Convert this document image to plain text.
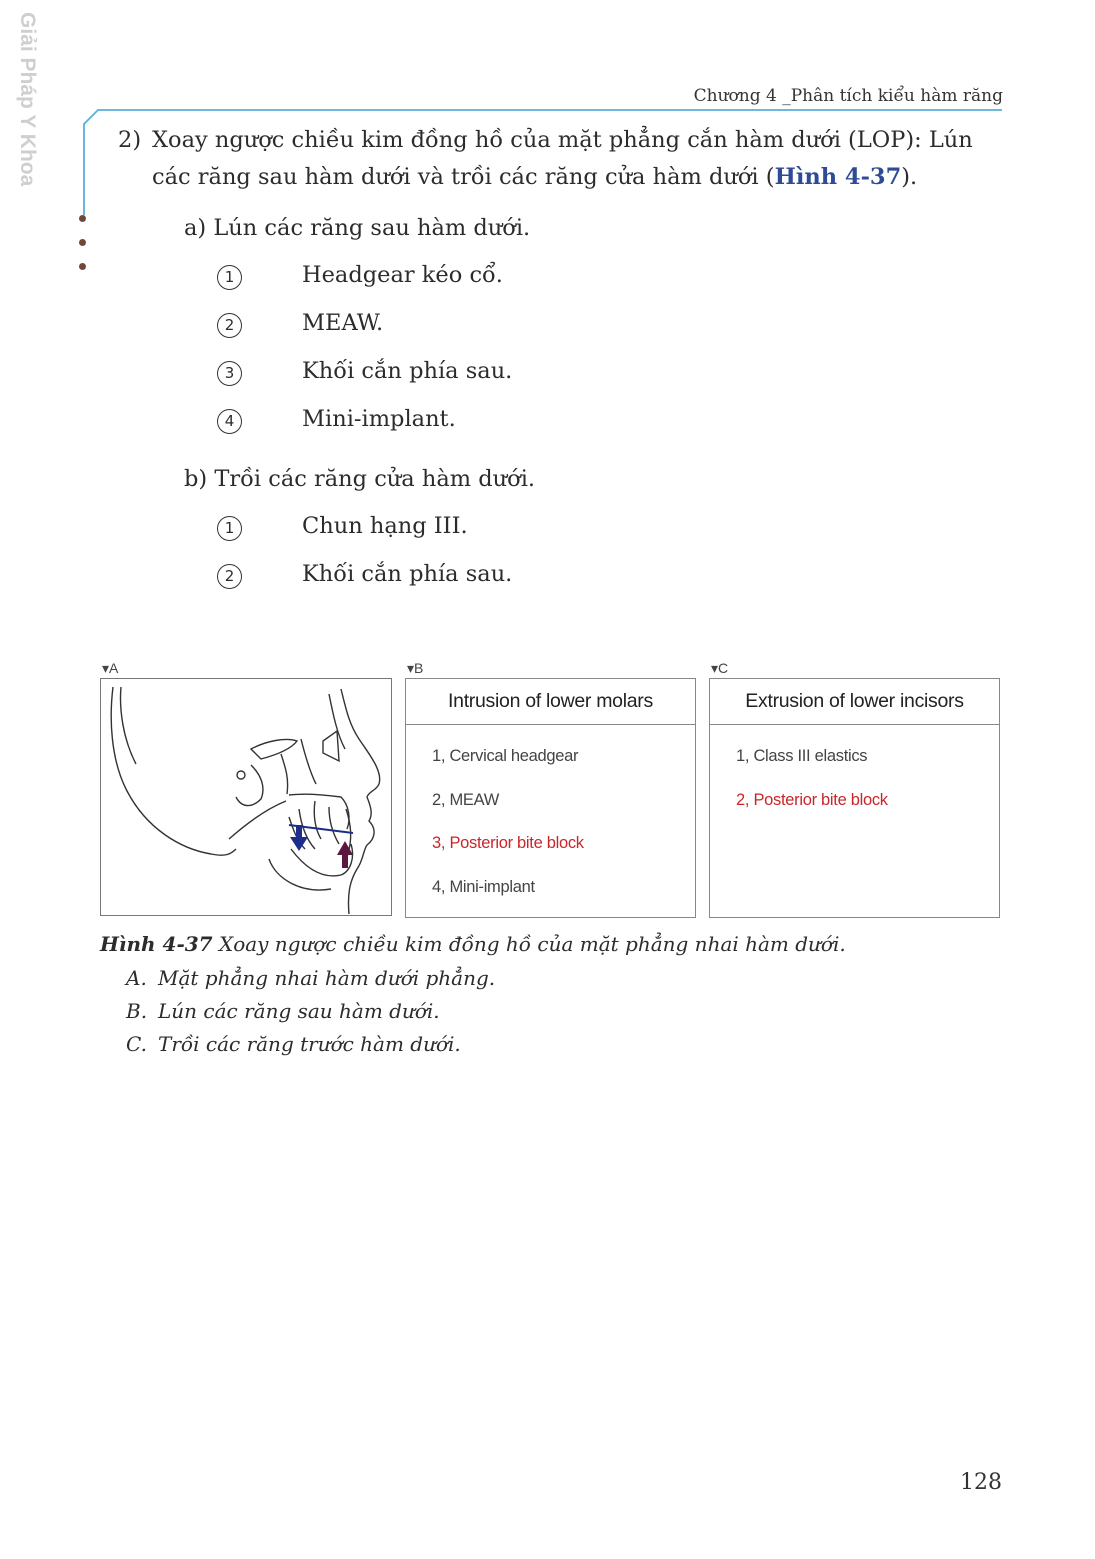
Giải Pháp Y Khoa	Chương 4 _Phân tích kiểu hàm răng
2) Xoay ngược chiều kim đồng hồ của mặt phẳng cắn hàm dưới (LOP): Lún các răng sau hàm dưới và trồi các răng cửa hàm dưới (Hình 4-37).
a) Lún các răng sau hàm dưới.
1	Headgear kéo cổ.
2	MEAW.
3	Khối cắn phía sau.
4	Mini-implant.
b) Trồi các răng cửa hàm dưới.
1	Chun hạng III.
2	Khối cắn phía sau.
▾A	▾B	▾C
Intrusion of lower molars
1, Cervical headgear
2, MEAW
3, Posterior bite block
4, Mini-implant
Extrusion of lower incisors
1, Class III elastics
2, Posterior bite block
Hình 4-37 Xoay ngược chiều kim đồng hồ của mặt phẳng nhai hàm dưới.
A. Mặt phẳng nhai hàm dưới phẳng.
B. Lún các răng sau hàm dưới.
C. Trồi các răng trước hàm dưới.
128
